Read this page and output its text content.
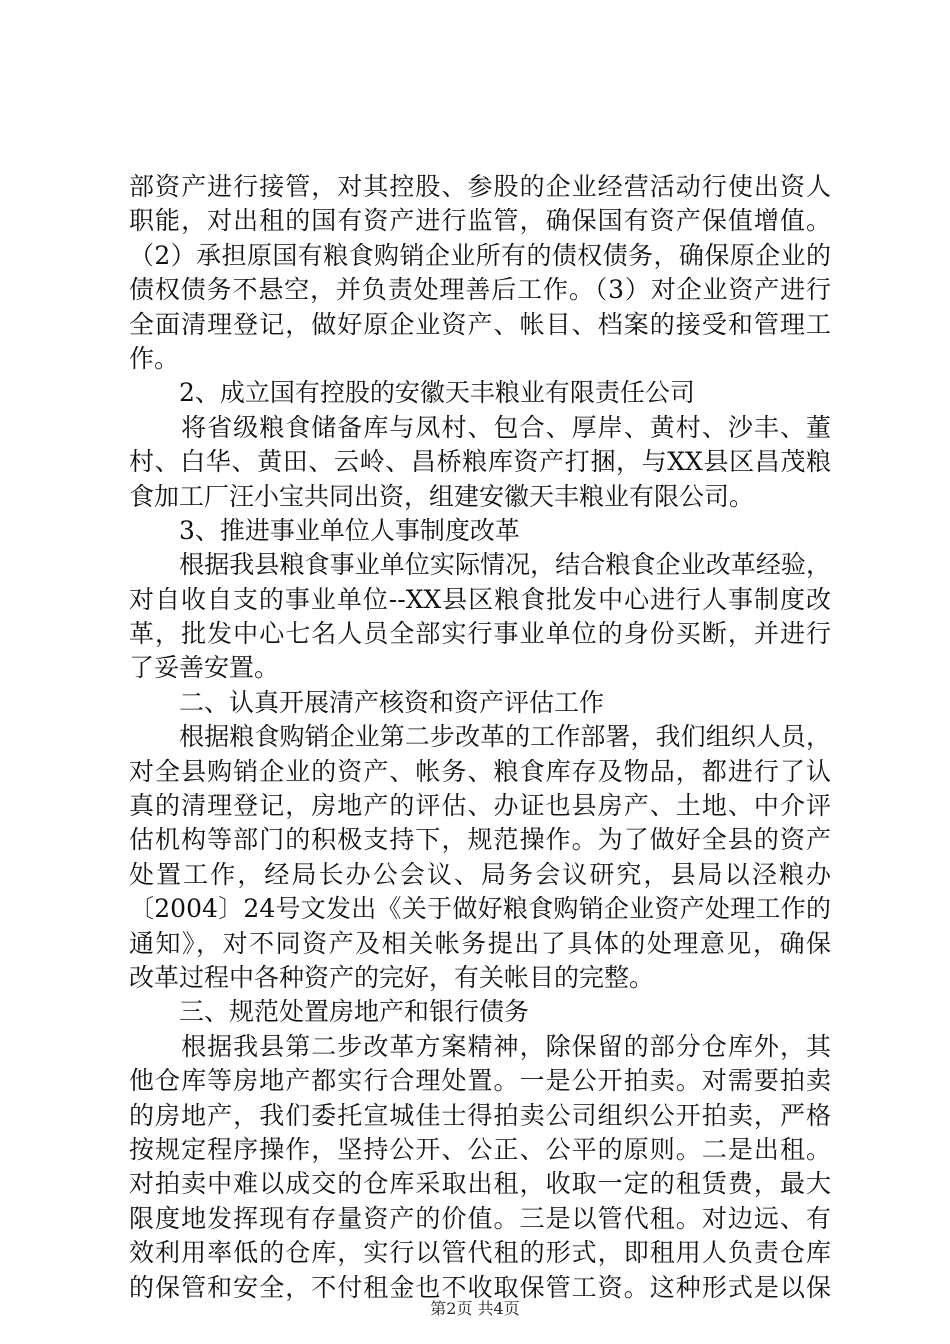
部资产进行接管，对其控股、参股的企业经营活动行使出资人
职能，对出租的国有资产进行监管，确保国有资产保值增值。
（2）承担原国有粮食购销企业所有的债权债务，确保原企业的
债权债务不悬空，并负责处理善后工作。（3）对企业资产进行
全面清理登记，做好原企业资产、帐目、档案的接受和管理工
作。
　　2、成立国有控股的安徽天丰粮业有限责任公司
　　将省级粮食储备库与凤村、包合、厚岸、黄村、沙丰、董
村、白华、黄田、云岭、昌桥粮库资产打捆，与XX县区昌茂粮
食加工厂汪小宝共同出资，组建安徽天丰粮业有限公司。
　　3、推进事业单位人事制度改革
　　根据我县粮食事业单位实际情况，结合粮食企业改革经验，
对自收自支的事业单位--XX县区粮食批发中心进行人事制度改
革，批发中心七名人员全部实行事业单位的身份买断，并进行
了妥善安置。
　　二、认真开展清产核资和资产评估工作
　　根据粮食购销企业第二步改革的工作部署，我们组织人员，
对全县购销企业的资产、帐务、粮食库存及物品，都进行了认
真的清理登记，房地产的评估、办证也县房产、土地、中介评
估机构等部门的积极支持下，规范操作。为了做好全县的资产
处置工作，经局长办公会议、局务会议研究，县局以泾粮办
〔2004〕24号文发出《关于做好粮食购销企业资产处理工作的
通知》，对不同资产及相关帐务提出了具体的处理意见，确保
改革过程中各种资产的完好，有关帐目的完整。
　　三、规范处置房地产和银行债务
　　根据我县第二步改革方案精神，除保留的部分仓库外，其
他仓库等房地产都实行合理处置。一是公开拍卖。对需要拍卖
的房地产，我们委托宣城佳士得拍卖公司组织公开拍卖，严格
按规定程序操作，坚持公开、公正、公平的原则。二是出租。
对拍卖中难以成交的仓库采取出租，收取一定的租赁费，最大
限度地发挥现有存量资产的价值。三是以管代租。对边远、有
效利用率低的仓库，实行以管代租的形式，即租用人负责仓库
的保管和安全，不付租金也不收取保管工资。这种形式是以保
第2页 共4页
